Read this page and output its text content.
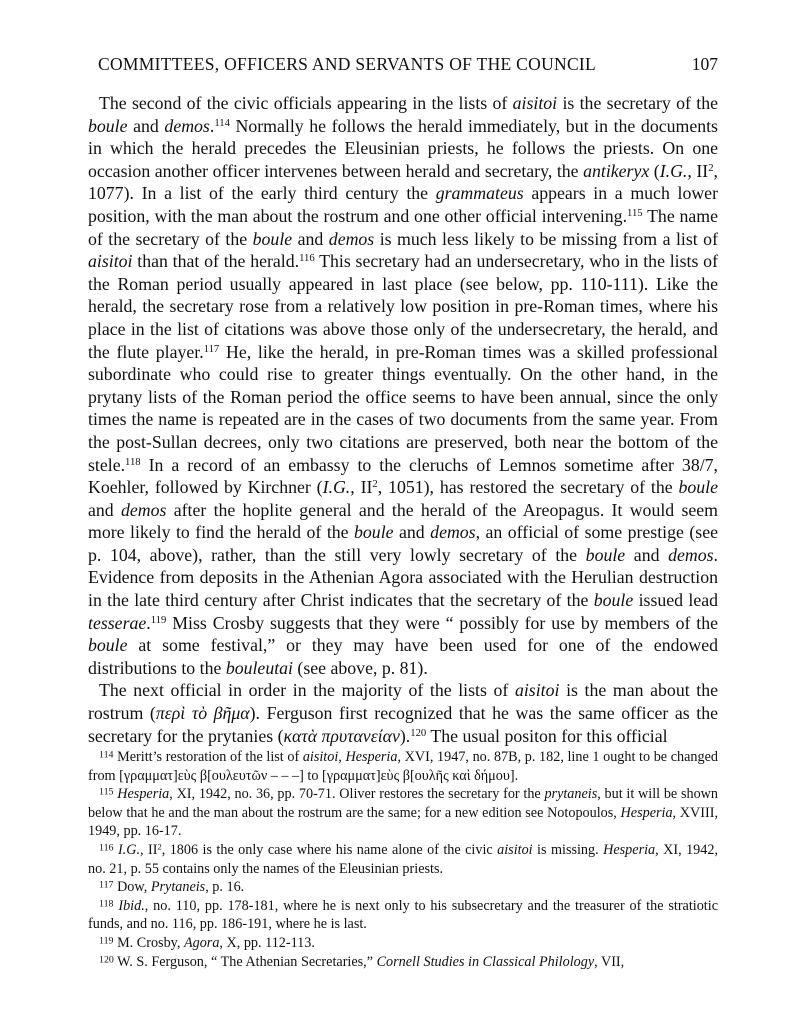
COMMITTEES, OFFICERS AND SERVANTS OF THE COUNCIL	107

The second of the civic officials appearing in the lists of aisitoi is the secretary of the boule and demos.$^{114}$ Normally he follows the herald immediately, but in the documents in which the herald precedes the Eleusinian priests, he follows the priests. On one occasion another officer intervenes between herald and secretary, the antikeryx (I.G., $II^2$, 1077). In a list of the early third century the grammateus appears in a much lower position, with the man about the rostrum and one other official intervening.$^{115}$ The name of the secretary of the boule and demos is much less likely to be missing from a list of aisitoi than that of the herald.$^{116}$ This secretary had an undersecretary, who in the lists of the Roman period usually appeared in last place (see below, pp. 110-111). Like the herald, the secretary rose from a relatively low position in pre-Roman times, where his place in the list of citations was above those only of the undersecretary, the herald, and the flute player.$^{117}$ He, like the herald, in pre-Roman times was a skilled professional subordinate who could rise to greater things eventually. On the other hand, in the prytany lists of the Roman period the office seems to have been annual, since the only times the name is repeated are in the cases of two documents from the same year. From the post-Sullan decrees, only two citations are preserved, both near the bottom of the stele.$^{118}$ In a record of an embassy to the cleruchs of Lemnos sometime after 38/7, Koehler, followed by Kirchner (I.G., $II^2$, 1051), has restored the secretary of the boule and demos after the hoplite general and the herald of the Areopagus. It would seem more likely to find the herald of the boule and demos, an official of some prestige (see p. 104, above), rather, than the still very lowly secretary of the boule and demos. Evidence from deposits in the Athenian Agora associated with the Herulian destruction in the late third century after Christ indicates that the secretary of the boule issued lead tesserae.$^{119}$ Miss Crosby suggests that they were “ possibly for use by members of the boule at some festival,” or they may have been used for one of the endowed distributions to the bouleutai (see above, p. 81).

The next official in order in the majority of the lists of aisitoi is the man about the rostrum (περὶ τὸ βῆμα). Ferguson first recognized that he was the same officer as the secretary for the prytanies (κατὰ πρυτανείαν).$^{120}$ The usual positon for this official

$^{114}$ Meritt’s restoration of the list of aisitoi, Hesperia, XVI, 1947, no. 87B, p. 182, line 1 ought to be changed from [γραμματ]εὺς β[ουλευτῶν – – –] to [γραμματ]εὺς β[ουλῆς καὶ δήμου].

$^{115}$ Hesperia, XI, 1942, no. 36, pp. 70-71. Oliver restores the secretary for the prytaneis, but it will be shown below that he and the man about the rostrum are the same; for a new edition see Notopoulos, Hesperia, XVIII, 1949, pp. 16-17.

$^{116}$ I.G., $II^2$, 1806 is the only case where his name alone of the civic aisitoi is missing. Hesperia, XI, 1942, no. 21, p. 55 contains only the names of the Eleusinian priests.

$^{117}$ Dow, Prytaneis, p. 16.

$^{118}$ Ibid., no. 110, pp. 178-181, where he is next only to his subsecretary and the treasurer of the stratiotic funds, and no. 116, pp. 186-191, where he is last.

$^{119}$ M. Crosby, Agora, X, pp. 112-113.

$^{120}$ W. S. Ferguson, “ The Athenian Secretaries,” Cornell Studies in Classical Philology, VII,
